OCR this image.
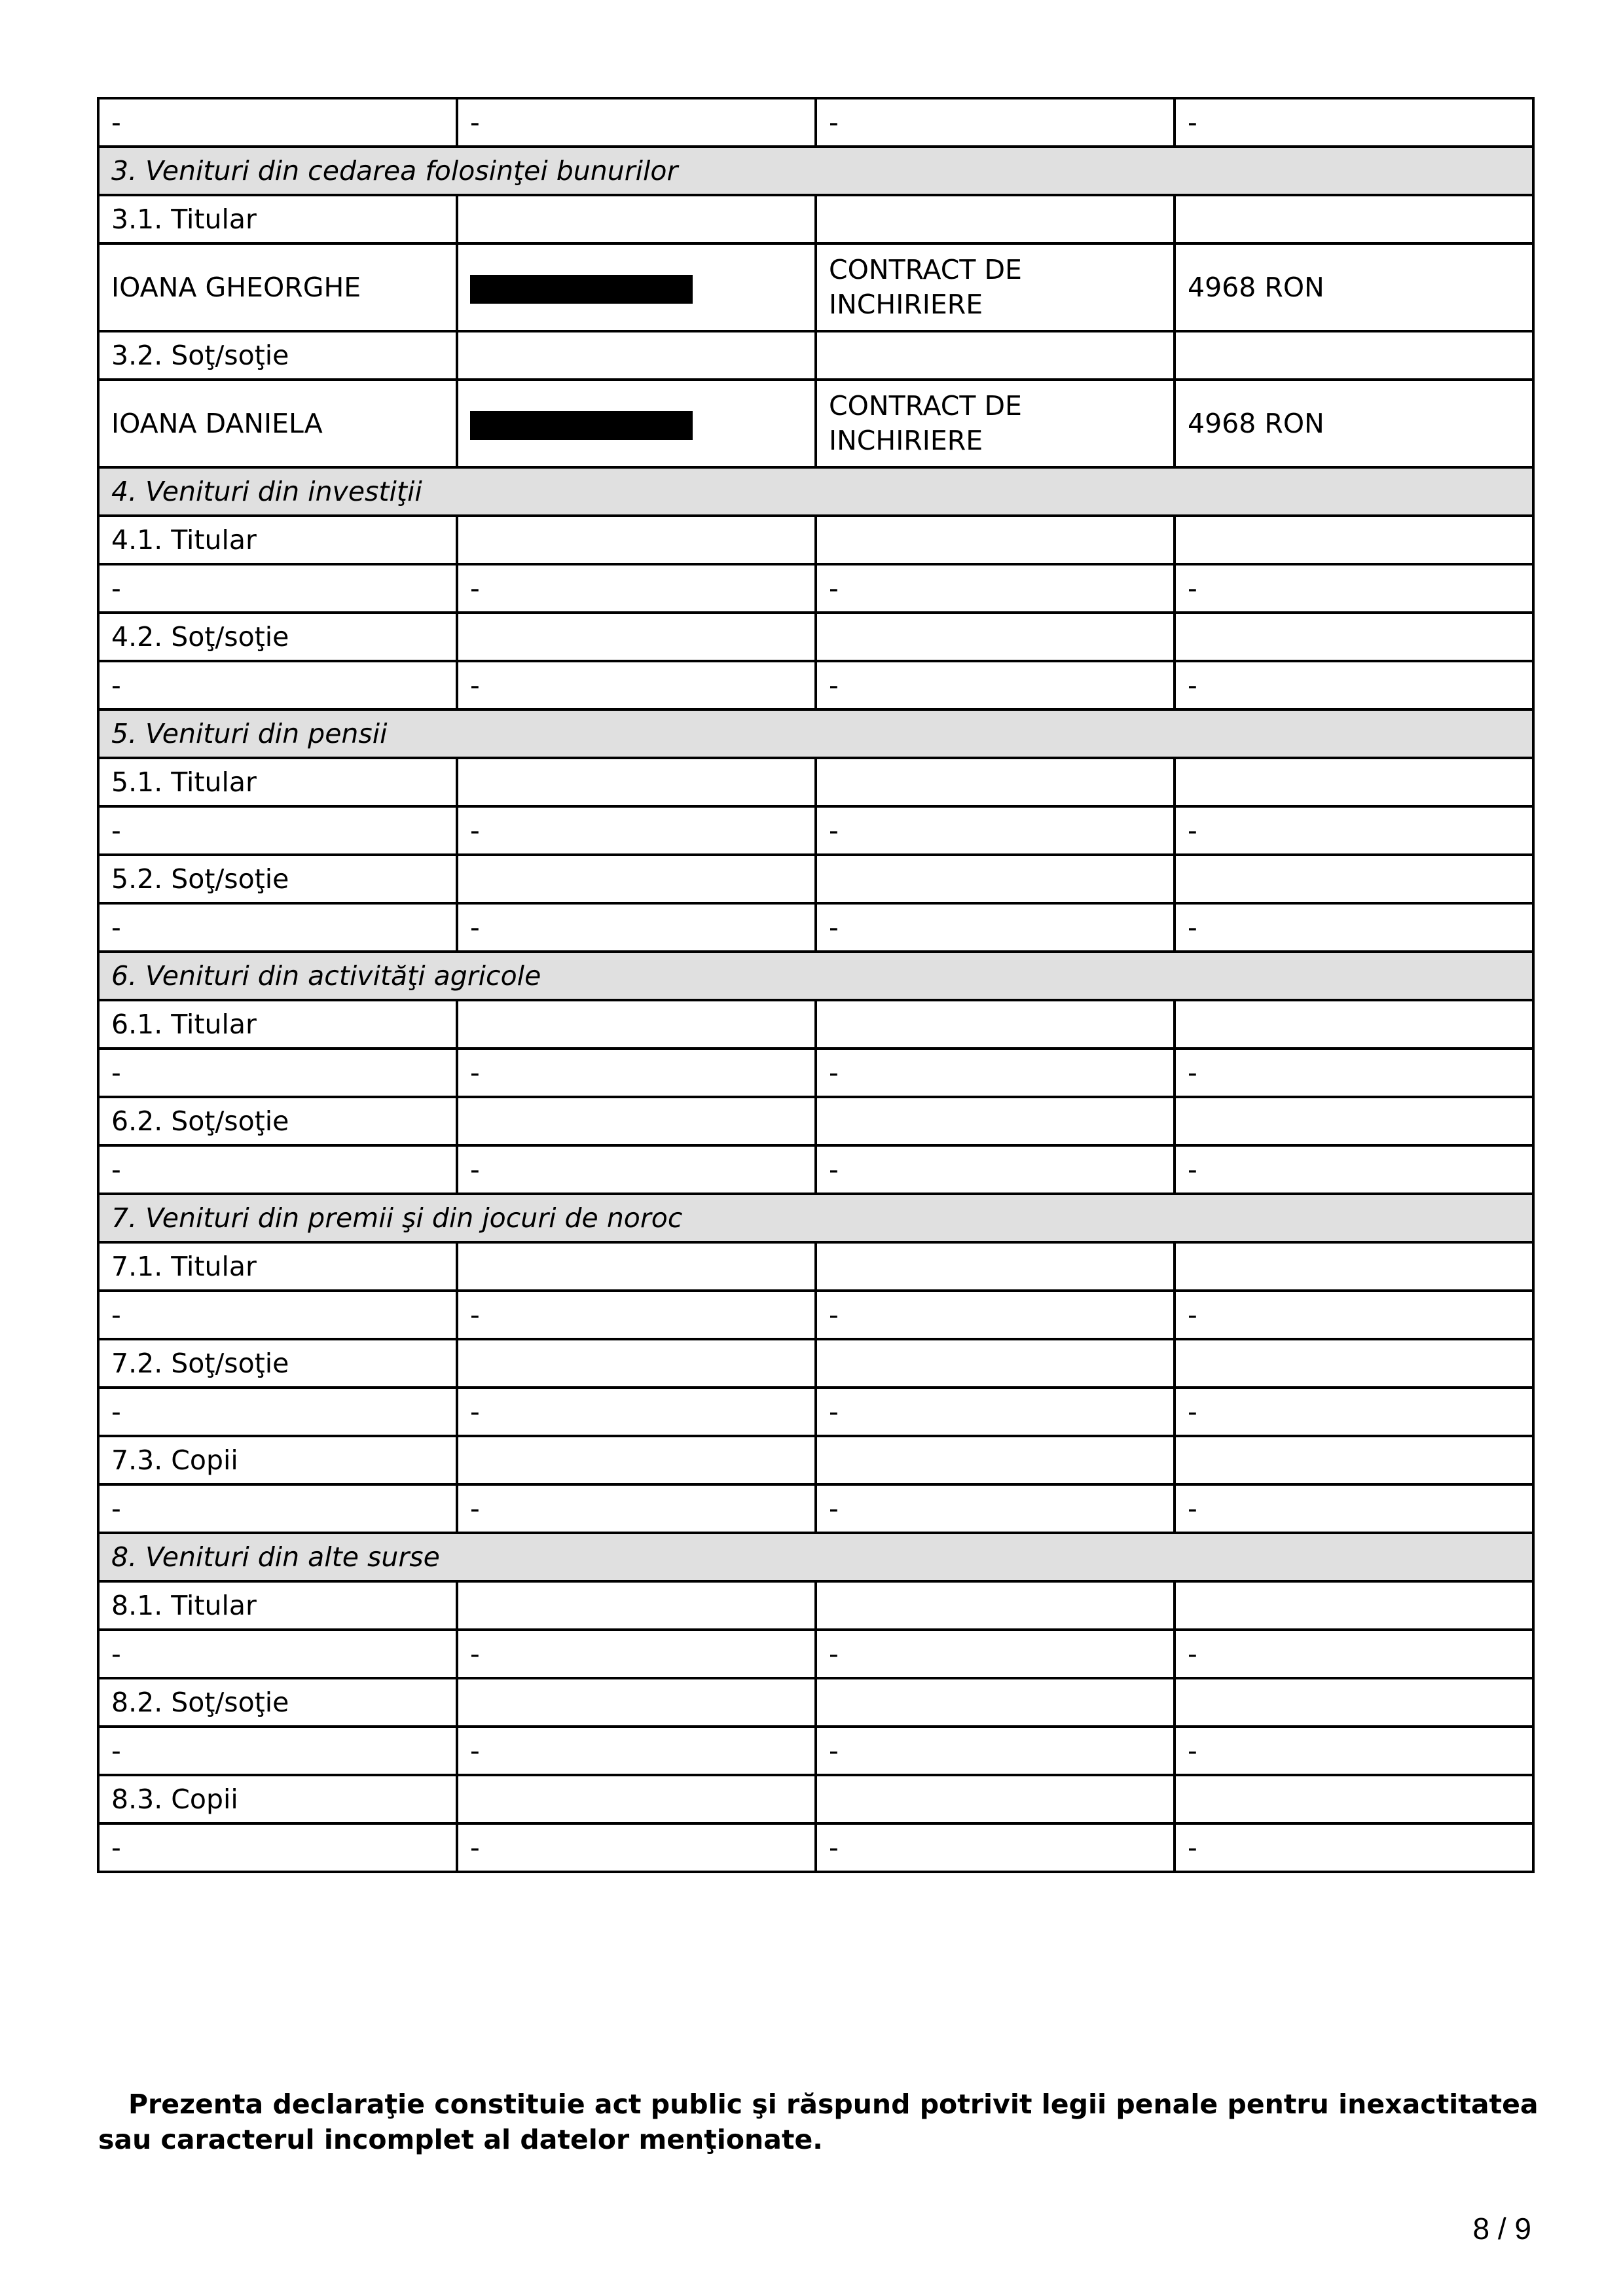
-	-	-	-
3. Venituri din cedarea folosinţei bunurilor			
3.1. Titular			
IOANA GHEORGHE		CONTRACT DE INCHIRIERE	4968 RON
3.2. Soţ/soţie			
IOANA DANIELA		CONTRACT DE INCHIRIERE	4968 RON
4. Venituri din investiţii			
4.1. Titular			
-	-	-	-
4.2. Soţ/soţie			
-	-	-	-
5. Venituri din pensii			
5.1. Titular			
-	-	-	-
5.2. Soţ/soţie			
-	-	-	-
6. Venituri din activităţi agricole			
6.1. Titular			
-	-	-	-
6.2. Soţ/soţie			
-	-	-	-
7. Venituri din premii şi din jocuri de noroc			
7.1. Titular			
-	-	-	-
7.2. Soţ/soţie			
-	-	-	-
7.3. Copii			
-	-	-	-
8. Venituri din alte surse			
8.1. Titular			
-	-	-	-
8.2. Soţ/soţie			
-	-	-	-
8.3. Copii			
-	-	-	-

Prezenta declaraţie constituie act public şi răspund potrivit legii penale pentru inexactitatea sau caracterul incomplet al datelor menţionate.

8 / 9
